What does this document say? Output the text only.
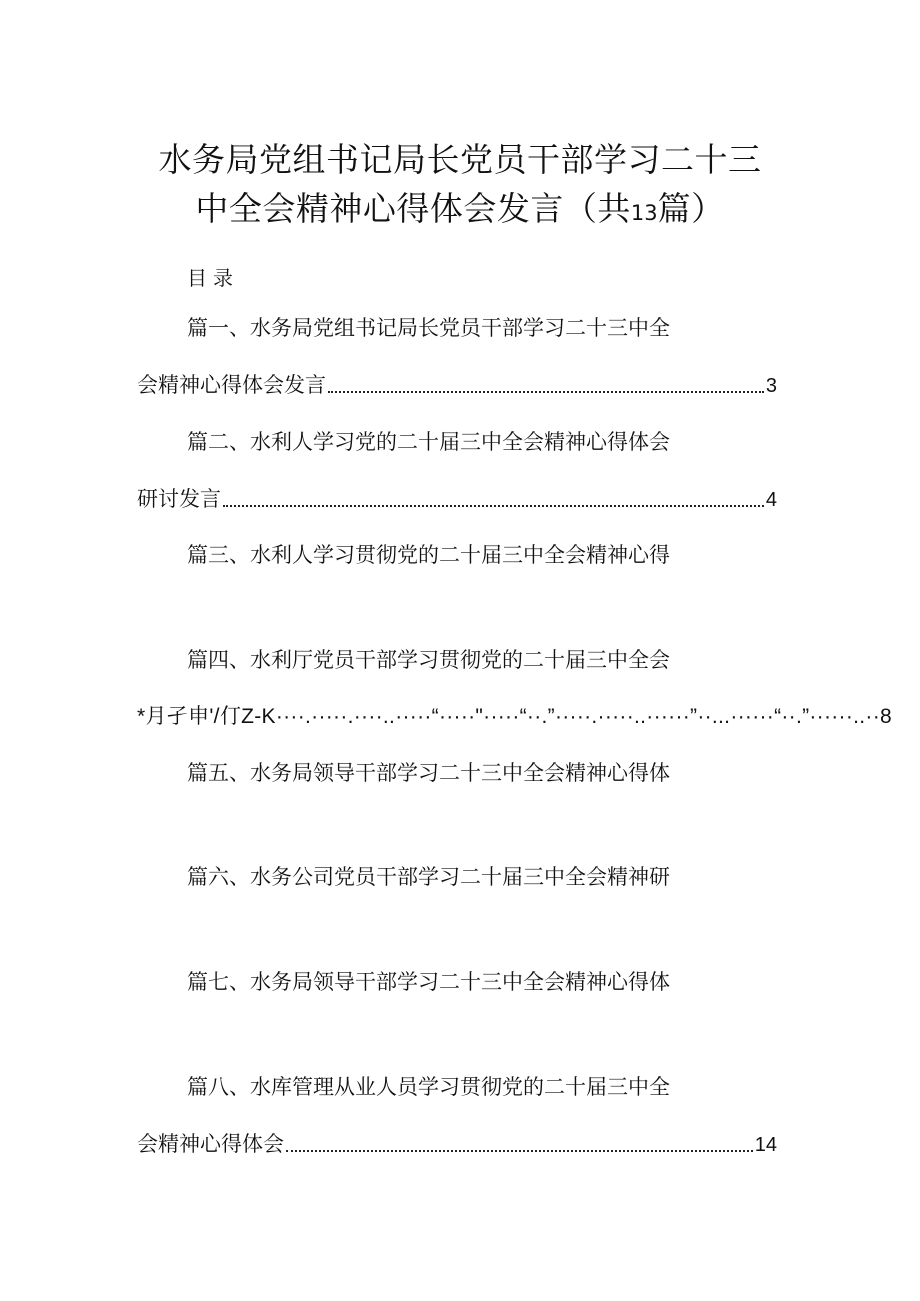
水务局党组书记局长党员干部学习二十三
中全会精神心得体会发言（共13篇）
目录
篇一、水务局党组书记局长党员干部学习二十三中全
会精神心得体会发言	3
篇二、水利人学习党的二十届三中全会精神心得体会
研讨发言	4
篇三、水利人学习贯彻党的二十届三中全会精神心得
篇四、水利厅党员干部学习贯彻党的二十届三中全会
*月孑申'/仃Z-K····.·····.····..·····“·····"·····“··.”·····.·····..······”··...······“··.”······..··8
篇五、水务局领导干部学习二十三中全会精神心得体
篇六、水务公司党员干部学习二十届三中全会精神研
篇七、水务局领导干部学习二十三中全会精神心得体
篇八、水库管理从业人员学习贯彻党的二十届三中全
会精神心得体会	14
